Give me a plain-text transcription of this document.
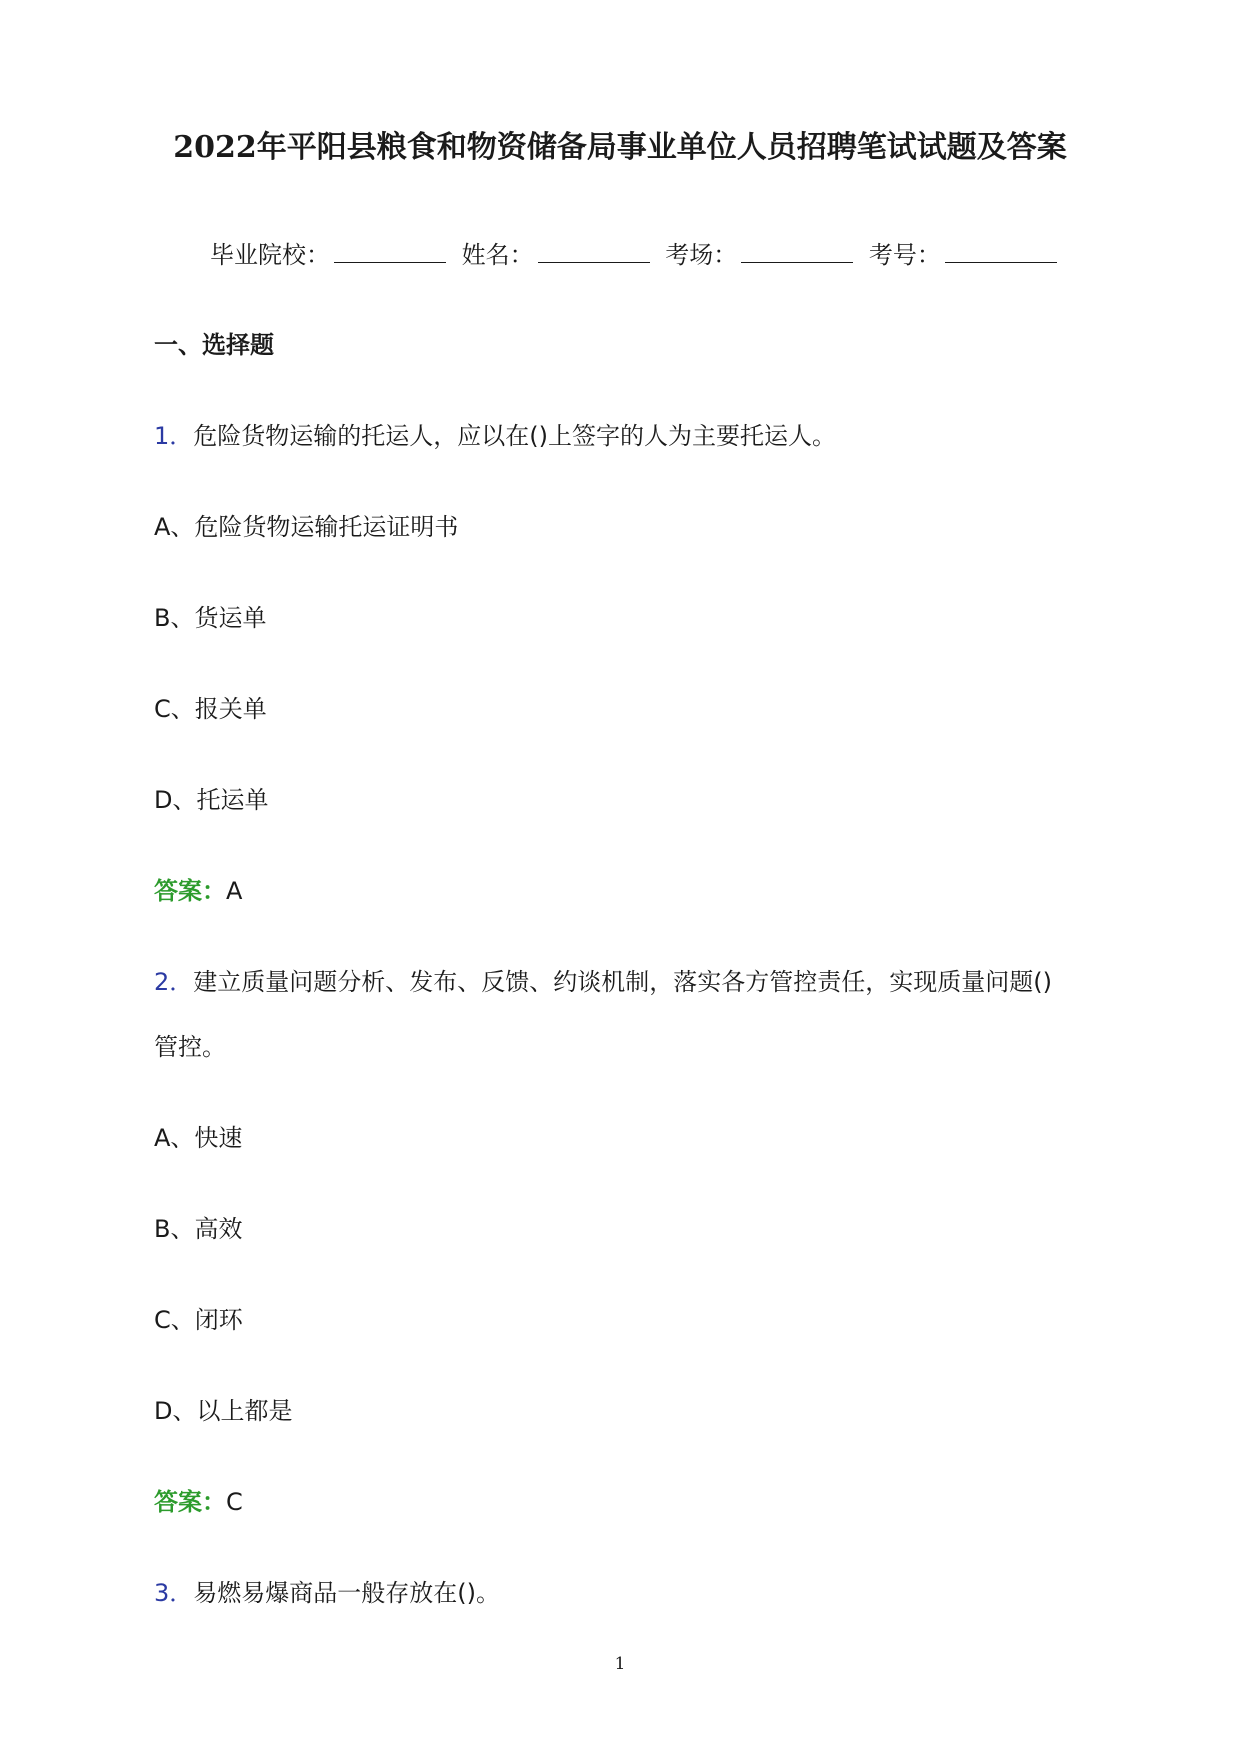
2022年平阳县粮食和物资储备局事业单位人员招聘笔试试题及答案
毕业院校：	姓名：	考场：	考号：
一、选择题
1．危险货物运输的托运人，应以在()上签字的人为主要托运人。
A、危险货物运输托运证明书
B、货运单
C、报关单
D、托运单
答案：A
2．建立质量问题分析、发布、反馈、约谈机制，落实各方管控责任，实现质量问题()
管控。
A、快速
B、高效
C、闭环
D、以上都是
答案：C
3．易燃易爆商品一般存放在()。
1
